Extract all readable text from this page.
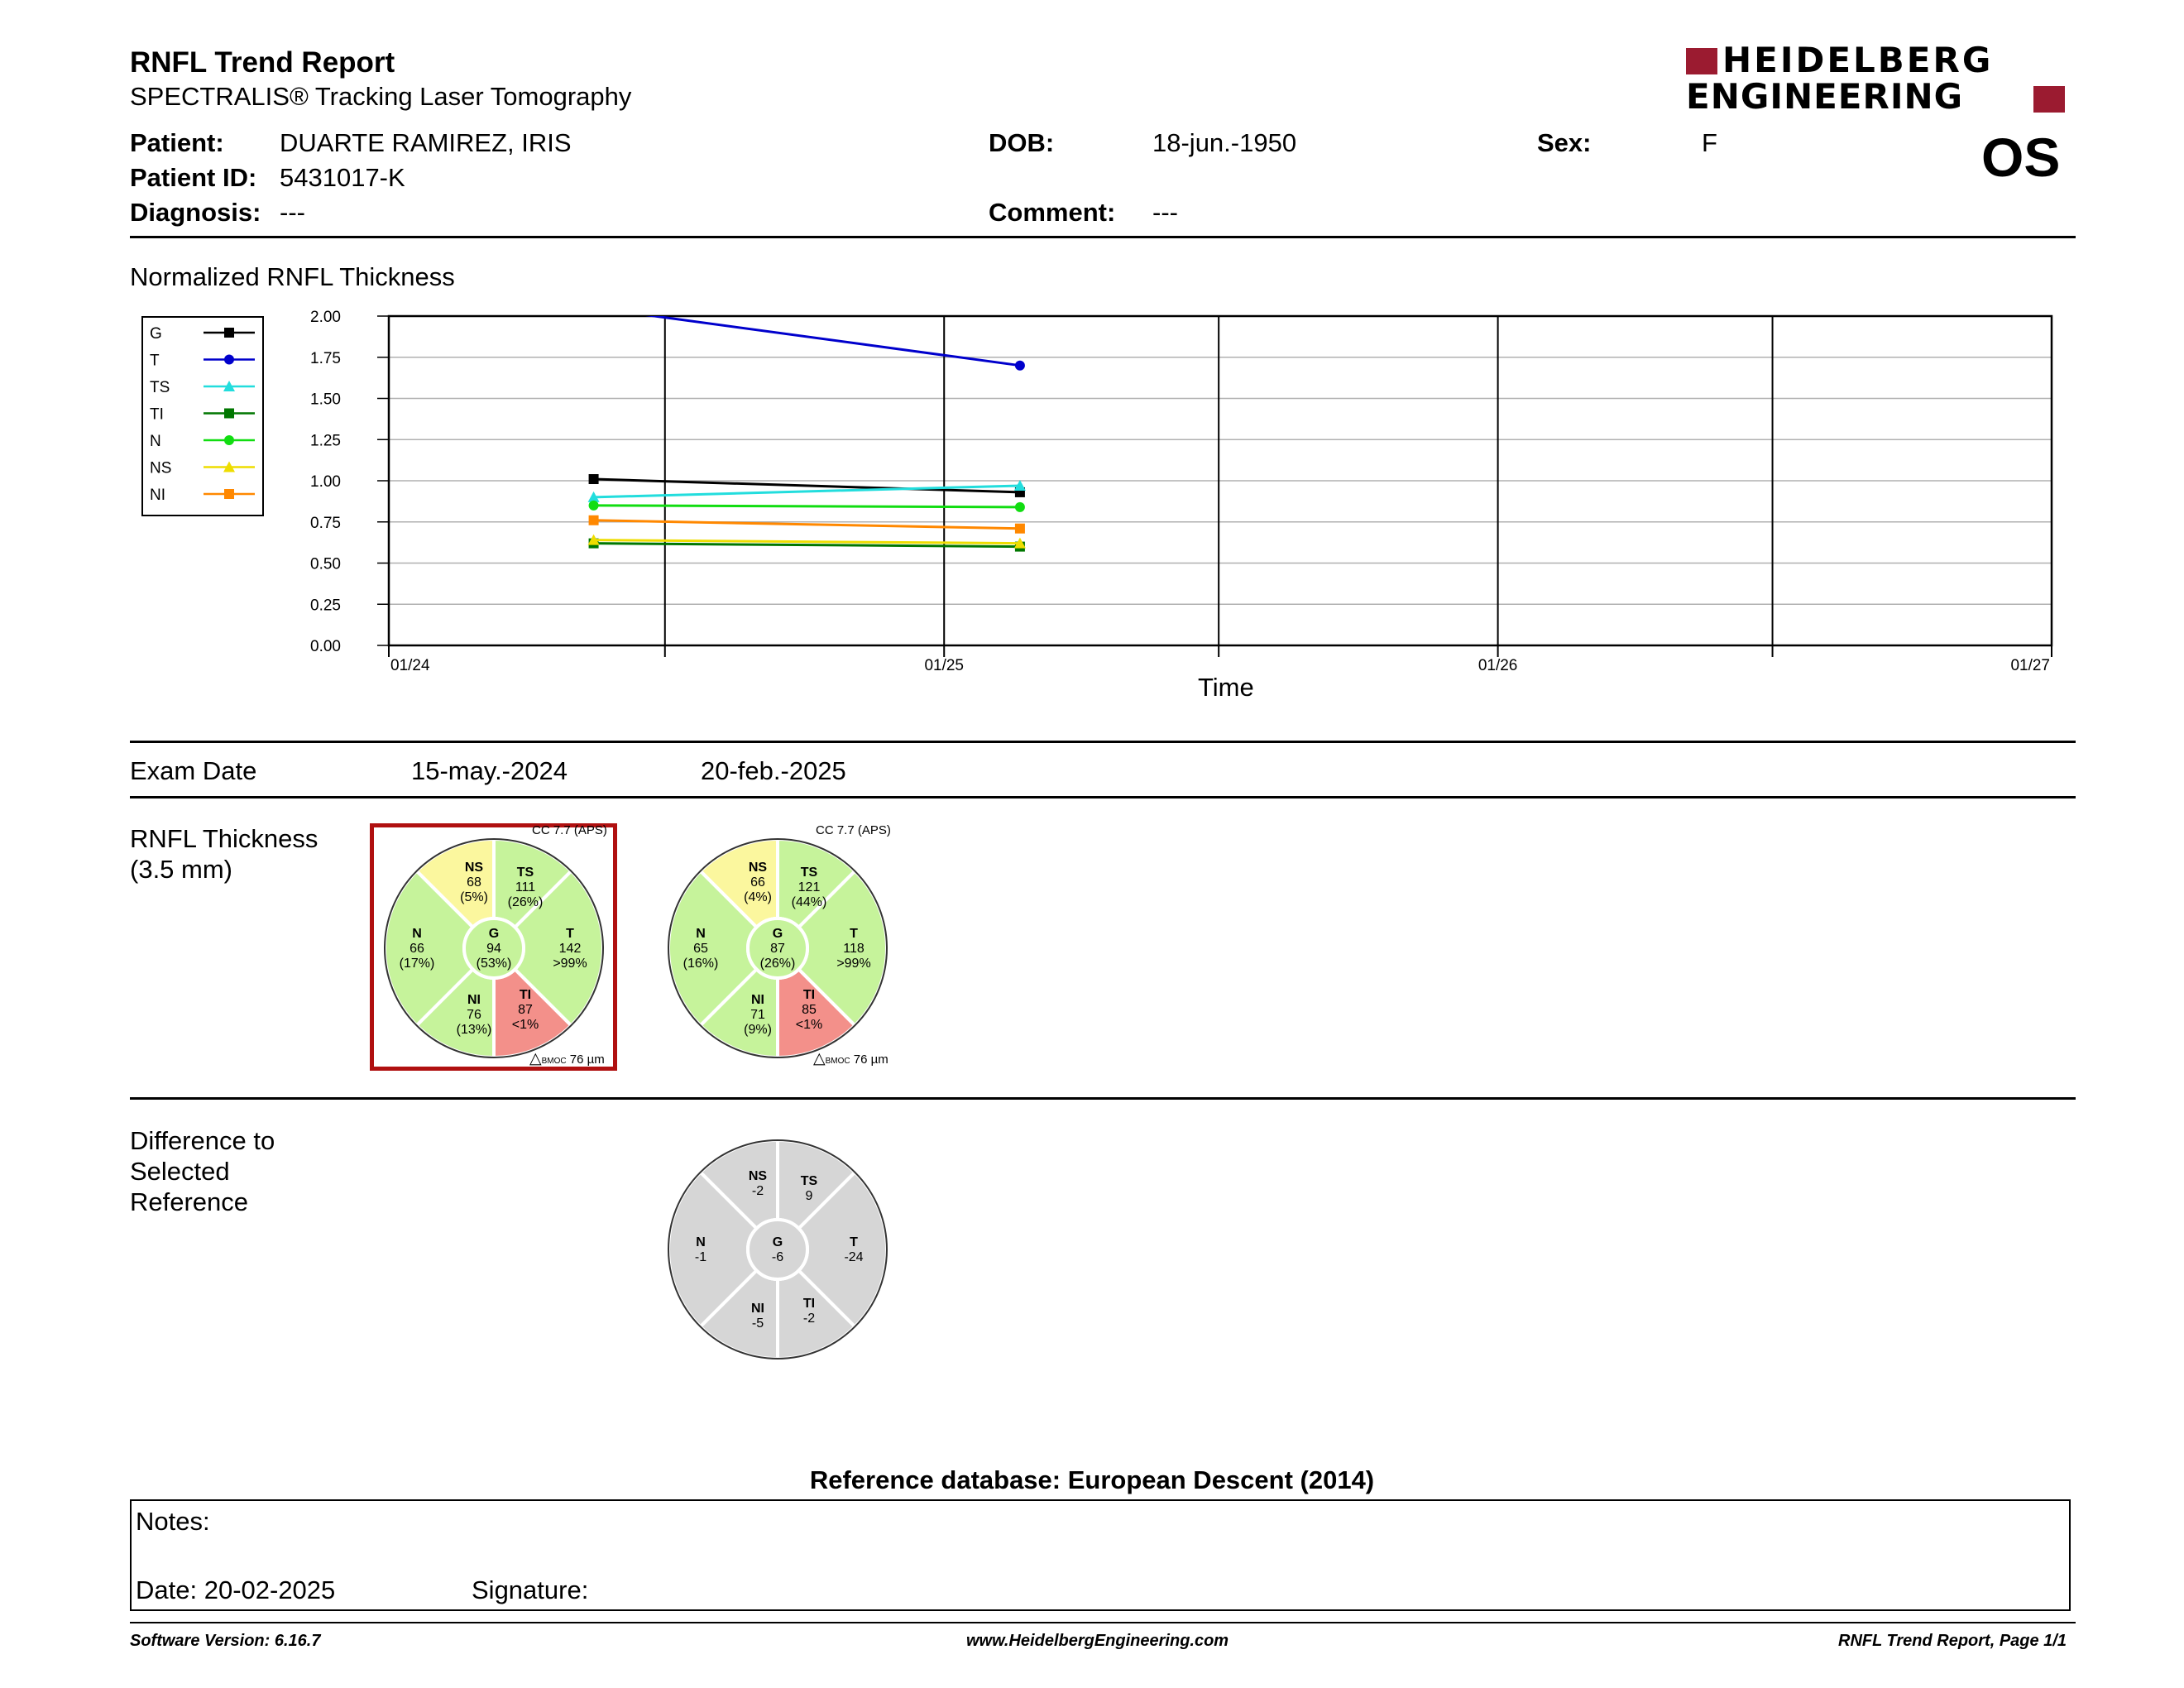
RNFL Trend Report
SPECTRALIS® Tracking Laser Tomography
HEIDELBERG
ENGINEERING
OS
Patient: DUARTE RAMIREZ, IRIS
Patient ID: 5431017-K
Diagnosis: ---
DOB:	18-jun.-1950
Comment: ---
Sex:	F
Normalized RNFL Thickness
G
T
TS
TI
N
NS
NI
0.00
0.25
0.50
0.75
1.00
1.25
1.50
1.75
2.00
01/24	01/25	01/26	01/27
Time
Exam Date	15-may.-2024	20-feb.-2025
RNFL Thickness
(3.5 mm)
G
94
(53%)
T
142
>99%
TS
111
(26%)
NS
68
(5%)
N
66
(17%)
NI
76
(13%)
TI
87
<1%
G
87
(26%)
T
118
>99%
TS
121
(44%)
NS
66
(4%)
N
65
(16%)
NI
71
(9%)
TI
85
<1%
G
-6
T
-24
TS
9
NS
-2
N
-1
NI
-5
TI
-2
CC 7.7 (APS)	CC 7.7 (APS)
△BMOC 76 µm	△BMOC 76 µm
Difference to
Selected
Reference
Reference database: European Descent (2014)
Notes:
Date: 20-02-2025	Signature:
Software Version: 6.16.7	www.HeidelbergEngineering.com	RNFL Trend Report, Page 1/1
